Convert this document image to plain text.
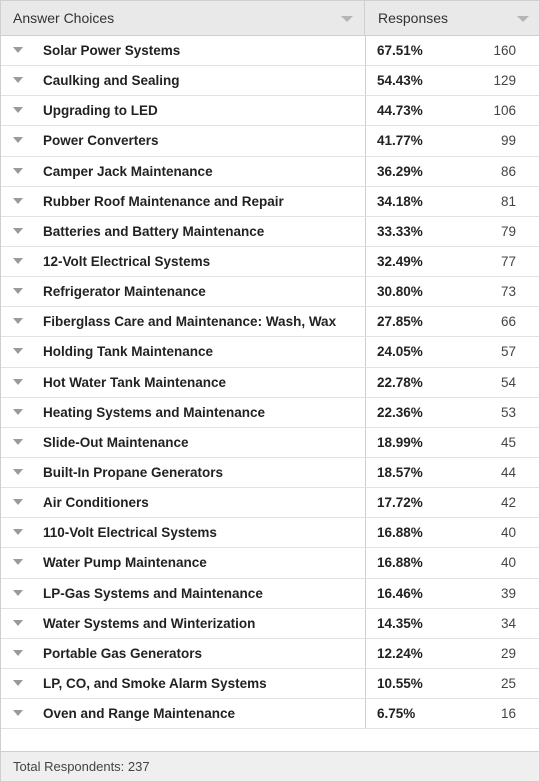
Answer Choices	Responses
Solar Power Systems	67.51%	160
Caulking and Sealing	54.43%	129
Upgrading to LED	44.73%	106
Power Converters	41.77%	99
Camper Jack Maintenance	36.29%	86
Rubber Roof Maintenance and Repair	34.18%	81
Batteries and Battery Maintenance	33.33%	79
12-Volt Electrical Systems	32.49%	77
Refrigerator Maintenance	30.80%	73
Fiberglass Care and Maintenance: Wash, Wax	27.85%	66
Holding Tank Maintenance	24.05%	57
Hot Water Tank Maintenance	22.78%	54
Heating Systems and Maintenance	22.36%	53
Slide-Out Maintenance	18.99%	45
Built-In Propane Generators	18.57%	44
Air Conditioners	17.72%	42
110-Volt Electrical Systems	16.88%	40
Water Pump Maintenance	16.88%	40
LP-Gas Systems and Maintenance	16.46%	39
Water Systems and Winterization	14.35%	34
Portable Gas Generators	12.24%	29
LP, CO, and Smoke Alarm Systems	10.55%	25
Oven and Range Maintenance	6.75%	16
Total Respondents: 237
